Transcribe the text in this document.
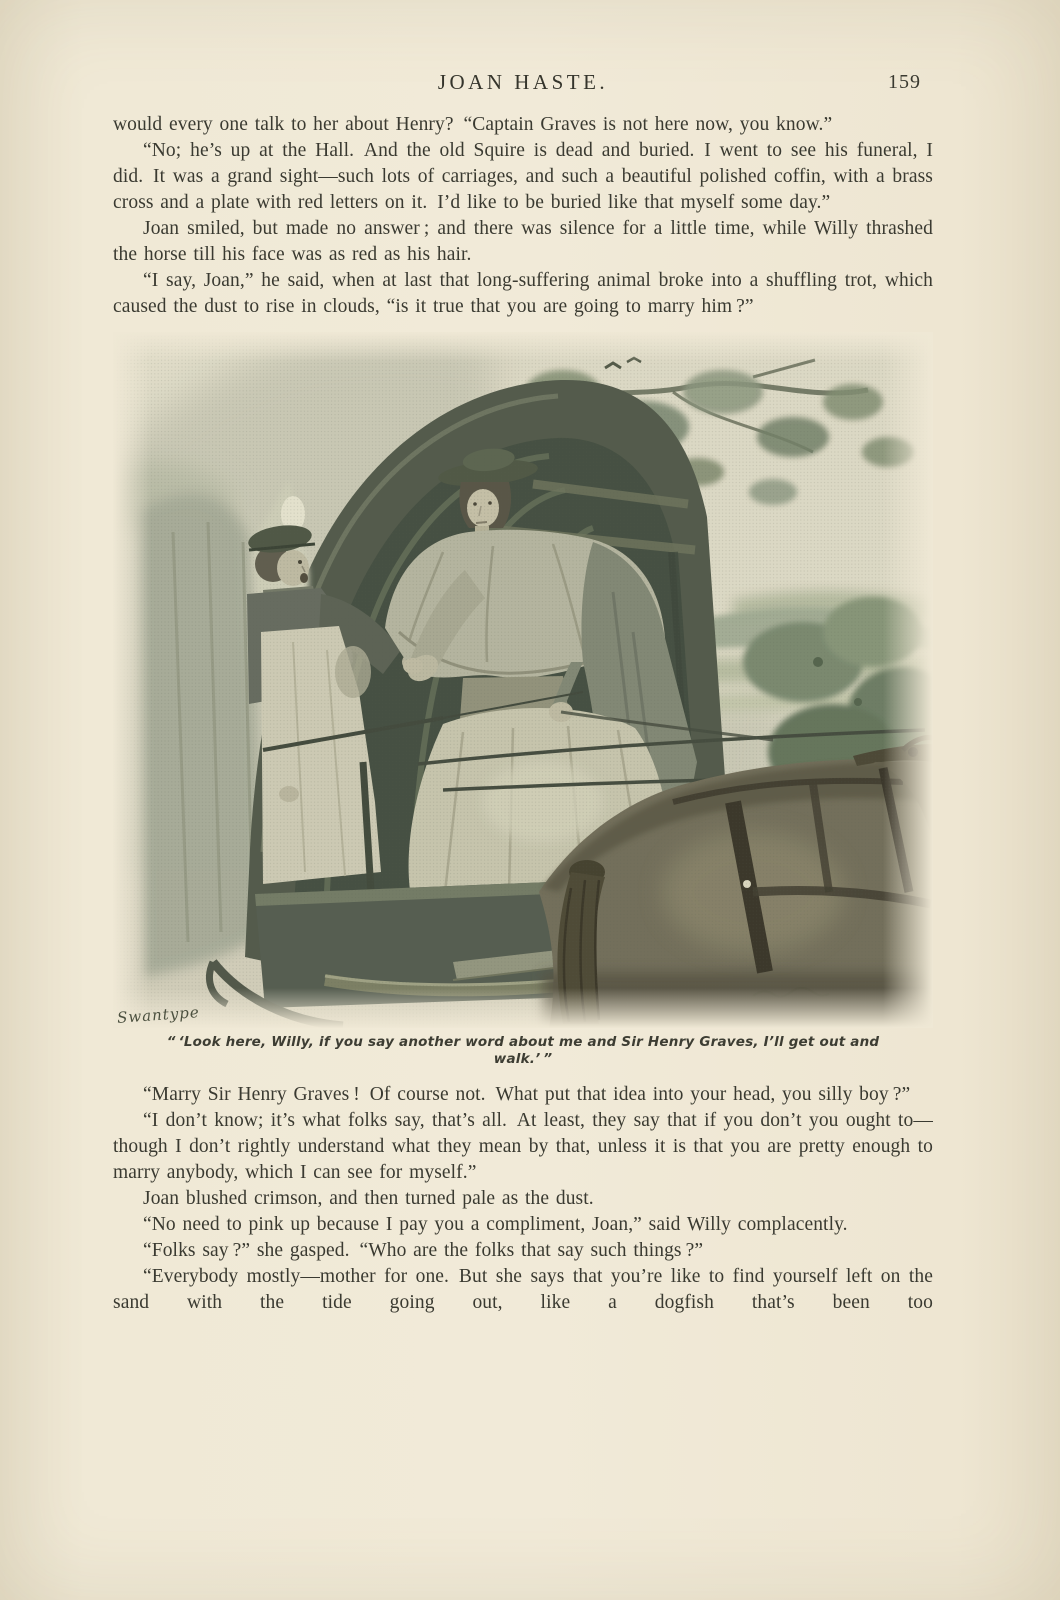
JOAN HASTE.	159

would every one talk to her about Henry? “Captain Graves is not here now, you know.”

“No; he’s up at the Hall. And the old Squire is dead and buried. I went to see his funeral, I did. It was a grand sight—such lots of carriages, and such a beautiful polished coffin, with a brass cross and a plate with red letters on it. I’d like to be buried like that myself some day.”

Joan smiled, but made no answer ; and there was silence for a little time, while Willy thrashed the horse till his face was as red as his hair.

“I say, Joan,” he said, when at last that long-suffering animal broke into a shuffling trot, which caused the dust to rise in clouds, “is it true that you are going to marry him ?”

Swantype
“ ‘Look here, Willy, if you say another word about me and Sir Henry Graves, I’ll get out and walk.’ ”

“Marry Sir Henry Graves ! Of course not. What put that idea into your head, you silly boy ?”

“I don’t know; it’s what folks say, that’s all. At least, they say that if you don’t you ought to—though I don’t rightly understand what they mean by that, unless it is that you are pretty enough to marry anybody, which I can see for myself.”

Joan blushed crimson, and then turned pale as the dust.

“No need to pink up because I pay you a compliment, Joan,” said Willy complacently.

“Folks say ?” she gasped. “Who are the folks that say such things ?”

“Everybody mostly—mother for one. But she says that you’re like to find yourself left on the sand with the tide going out, like a dogfish that’s been too
